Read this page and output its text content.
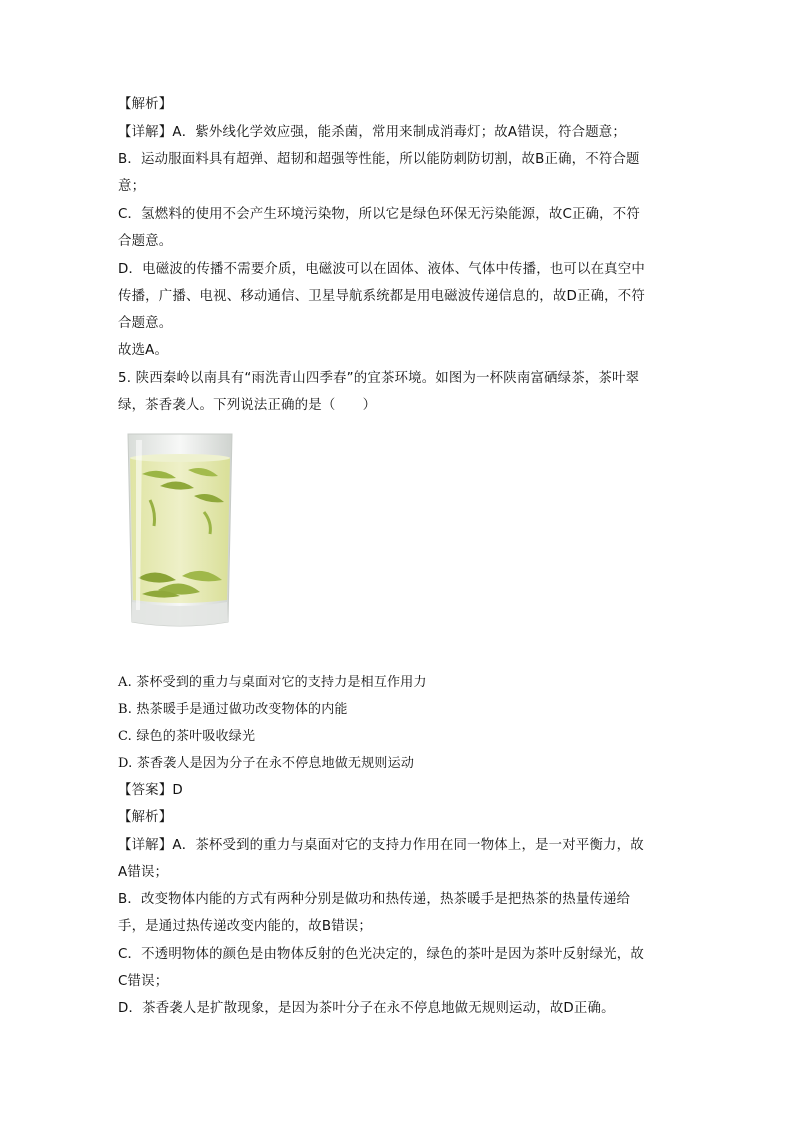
【解析】
【详解】A．紫外线化学效应强，能杀菌，常用来制成消毒灯；故A错误，符合题意；
B．运动服面料具有超弹、超韧和超强等性能，所以能防刺防切割，故B正确，不符合题
意；
C．氢燃料的使用不会产生环境污染物，所以它是绿色环保无污染能源，故C正确，不符
合题意。
D．电磁波的传播不需要介质，电磁波可以在固体、液体、气体中传播，也可以在真空中
传播，广播、电视、移动通信、卫星导航系统都是用电磁波传递信息的，故D正确，不符
合题意。
故选A。
5. 陕西秦岭以南具有“雨洗青山四季春”的宜茶环境。如图为一杯陕南富硒绿茶，茶叶翠
绿，茶香袭人。下列说法正确的是（　　）
A. 茶杯受到的重力与桌面对它的支持力是相互作用力
B. 热茶暖手是通过做功改变物体的内能
C. 绿色的茶叶吸收绿光
D. 茶香袭人是因为分子在永不停息地做无规则运动
【答案】D
【解析】
【详解】A．茶杯受到的重力与桌面对它的支持力作用在同一物体上，是一对平衡力，故
A错误；
B．改变物体内能的方式有两种分别是做功和热传递，热茶暖手是把热茶的热量传递给
手，是通过热传递改变内能的，故B错误；
C．不透明物体的颜色是由物体反射的色光决定的，绿色的茶叶是因为茶叶反射绿光，故
C错误；
D．茶香袭人是扩散现象，是因为茶叶分子在永不停息地做无规则运动，故D正确。
